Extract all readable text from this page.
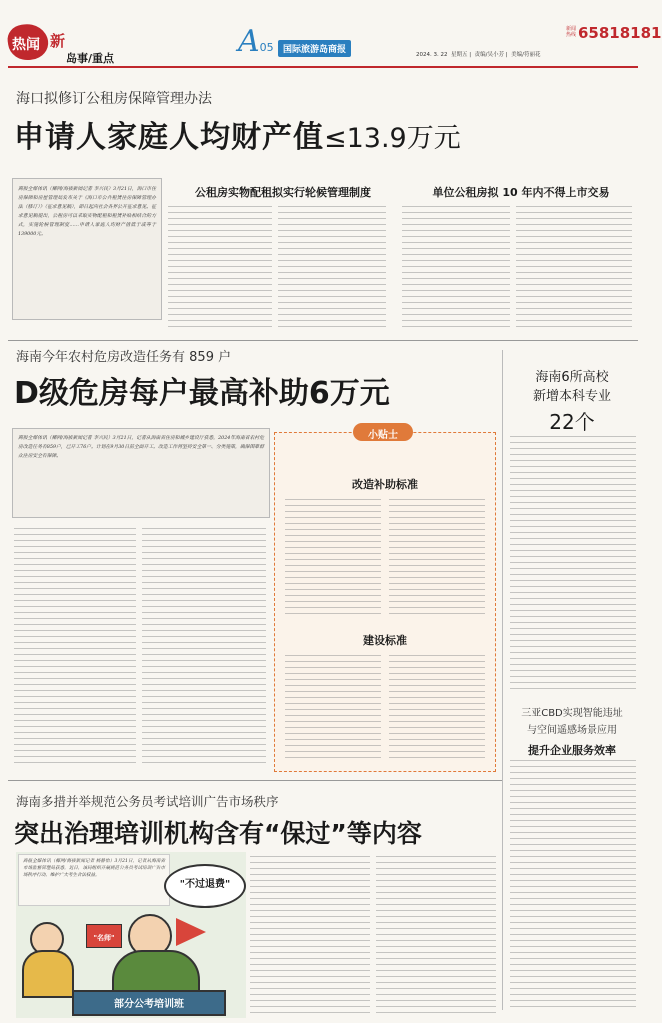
新
热闻
岛事/重点	A05	国际旅游岛商报	2024. 3. 22 星期五 |  责编/吴小芳 |  美编/符丽花
新闻热线 65818181
海口拟修订公租房保障管理办法
申请人家庭人均财产值≤13.9万元
商报全媒体讯（椰网/海拔新闻记者 李兴民）3月21日，海口市住房保障和房屋管理局发布关于《海口市公共租赁住房保障管理办法（修订）》（征求意见稿），即日起向社会各界公开征求意见。征求意见稿提出，公租房可以采取实物配租和租赁补贴相结合的方式，实施轮候管理制度……申请人家庭人均财产值低于或等于139000元。
公租房实物配租拟实行轮候管理制度	单位公租房拟 10 年内不得上市交易
海南今年农村危房改造任务有 859 户
D级危房每户最高补助6万元
商报全媒体讯（椰网/海拔新闻记者 李兴民）3月21日，记者从海南省住房和城乡建设厅获悉，2024年海南省农村危房改造任务有859户，已开工76户。计划在9月30日前全面开工。改造工作将坚持安全第一、分类施策，确保困难群众住房安全有保障。
小贴士
改造补助标准
建设标准
海南6所高校
新增本科专业
22个
三亚CBD实现智能违址
与空间遥感场景应用
提升企业服务效率
海南多措并举规范公务员考试培训广告市场秩序
突出治理培训机构含有“保过”等内容
商报全媒体讯（椰网/海拔新闻记者 杨静怡）3月21日，记者从海南省市场监督管理局获悉，近日，该局组织开展规范公务员考试培训广告市场秩序行动，维护广大考生合法权益。
"不过退费"
"名师"
部分公考培训班
